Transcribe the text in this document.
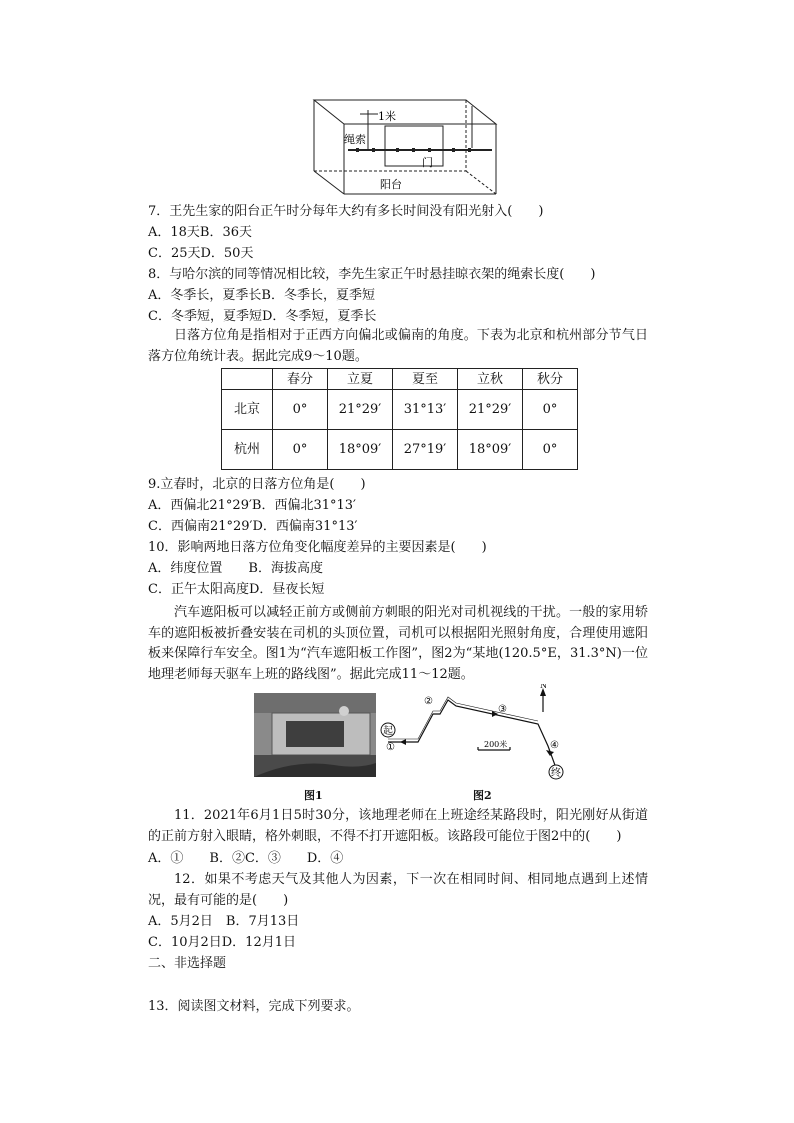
1米
绳索
门
阳台
7．王先生家的阳台正午时分每年大约有多长时间没有阳光射入(　　)
A．18天B．36天
C．25天D．50天
8．与哈尔滨的同等情况相比较，李先生家正午时悬挂晾衣架的绳索长度(　　)
A．冬季长，夏季长B．冬季长，夏季短
C．冬季短，夏季短D．冬季短，夏季长
日落方位角是指相对于正西方向偏北或偏南的角度。下表为北京和杭州部分节气日落方位角统计表。据此完成9～10题。
	春分	立夏	夏至	立秋	秋分
北京	0°	21°29′	31°13′	21°29′	0°
杭州	0°	18°09′	27°19′	18°09′	0°
9.立春时，北京的日落方位角是(　　)
A．西偏北21°29′B．西偏北31°13′
C．西偏南21°29′D．西偏南31°13′
10．影响两地日落方位角变化幅度差异的主要因素是(　　)
A．纬度位置　　B．海拔高度
C．正午太阳高度D．昼夜长短
汽车遮阳板可以减轻正前方或侧前方刺眼的阳光对司机视线的干扰。一般的家用轿车的遮阳板被折叠安装在司机的头顶位置，司机可以根据阳光照射角度，合理使用遮阳板来保障行车安全。图1为“汽车遮阳板工作图”，图2为“某地(120.5°E，31.3°N)一位地理老师每天驱车上班的路线图”。据此完成11～12题。
起
终
N
200米
①
②
③
④
图1	图2
11．2021年6月1日5时30分，该地理老师在上班途经某路段时，阳光刚好从街道的正前方射入眼睛，格外刺眼，不得不打开遮阳板。该路段可能位于图2中的(　　)
A．①　　B．②C．③　　D．④
12．如果不考虑天气及其他人为因素，下一次在相同时间、相同地点遇到上述情况，最有可能的是(　　)
A．5月2日　B．7月13日
C．10月2日D．12月1日
二、非选择题
13．阅读图文材料，完成下列要求。
